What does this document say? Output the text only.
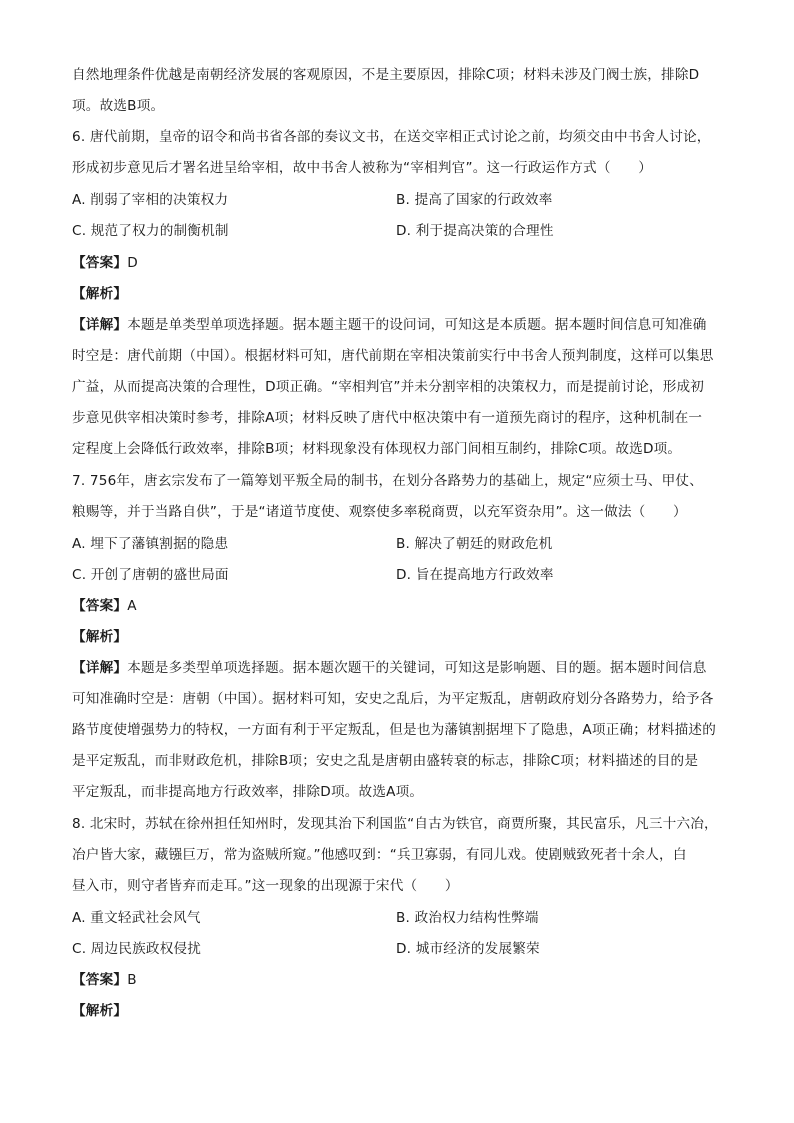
自然地理条件优越是南朝经济发展的客观原因，不是主要原因，排除C项；材料未涉及门阀士族，排除D
项。故选B项。
6. 唐代前期，皇帝的诏令和尚书省各部的奏议文书，在送交宰相正式讨论之前，均须交由中书舍人讨论，
形成初步意见后才署名进呈给宰相，故中书舍人被称为“宰相判官”。这一行政运作方式（　　）
A. 削弱了宰相的决策权力	B. 提高了国家的行政效率
C. 规范了权力的制衡机制	D. 利于提高决策的合理性
【答案】D
【解析】
【详解】本题是单类型单项选择题。据本题主题干的设问词，可知这是本质题。据本题时间信息可知准确
时空是：唐代前期（中国）。根据材料可知，唐代前期在宰相决策前实行中书舍人预判制度，这样可以集思
广益，从而提高决策的合理性，D项正确。“宰相判官”并未分割宰相的决策权力，而是提前讨论，形成初
步意见供宰相决策时参考，排除A项；材料反映了唐代中枢决策中有一道预先商讨的程序，这种机制在一
定程度上会降低行政效率，排除B项；材料现象没有体现权力部门间相互制约，排除C项。故选D项。
7. 756年，唐玄宗发布了一篇筹划平叛全局的制书，在划分各路势力的基础上，规定“应须士马、甲仗、
粮赐等，并于当路自供”，于是“诸道节度使、观察使多率税商贾，以充军资杂用”。这一做法（　　）
A. 埋下了藩镇割据的隐患	B. 解决了朝廷的财政危机
C. 开创了唐朝的盛世局面	D. 旨在提高地方行政效率
【答案】A
【解析】
【详解】本题是多类型单项选择题。据本题次题干的关键词，可知这是影响题、目的题。据本题时间信息
可知准确时空是：唐朝（中国）。据材料可知，安史之乱后，为平定叛乱，唐朝政府划分各路势力，给予各
路节度使增强势力的特权，一方面有利于平定叛乱，但是也为藩镇割据埋下了隐患，A项正确；材料描述的
是平定叛乱，而非财政危机，排除B项；安史之乱是唐朝由盛转衰的标志，排除C项；材料描述的目的是
平定叛乱，而非提高地方行政效率，排除D项。故选A项。
8. 北宋时，苏轼在徐州担任知州时，发现其治下利国监“自古为铁官，商贾所聚，其民富乐，凡三十六冶，
冶户皆大家，藏镪巨万，常为盗贼所窥。”他感叹到：“兵卫寡弱，有同儿戏。使剧贼致死者十余人，白
昼入市，则守者皆弃而走耳。”这一现象的出现源于宋代（　　）
A. 重文轻武社会风气	B. 政治权力结构性弊端
C. 周边民族政权侵扰	D. 城市经济的发展繁荣
【答案】B
【解析】
